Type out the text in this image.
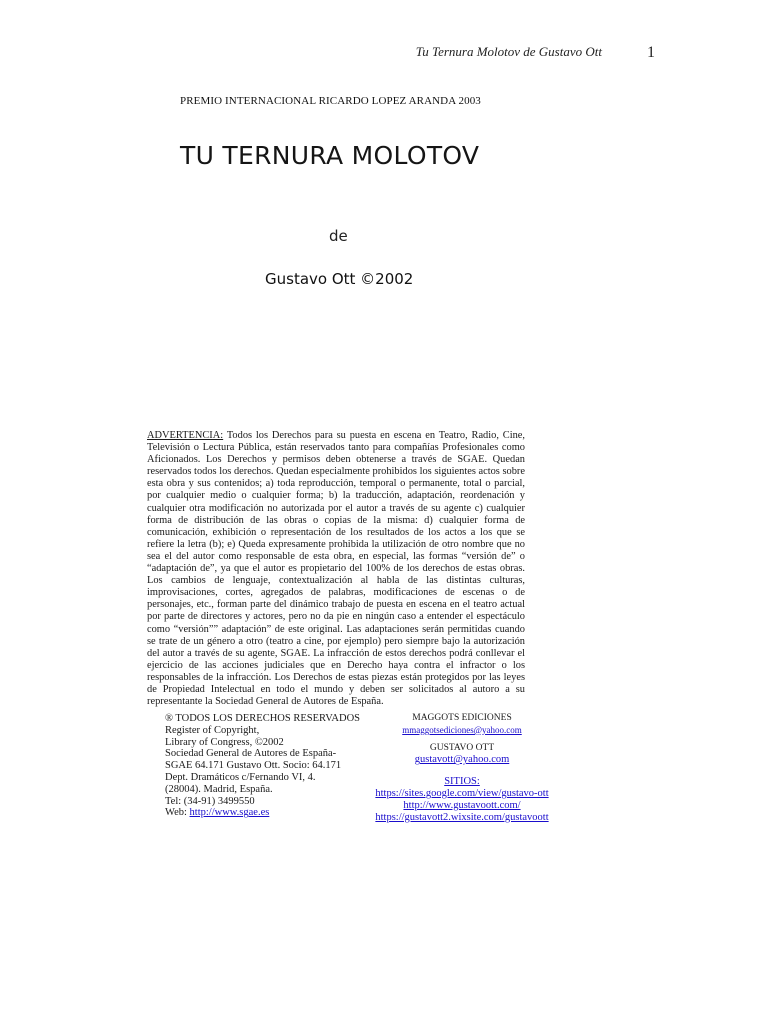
Tu Ternura Molotov de Gustavo Ott	1
PREMIO INTERNACIONAL RICARDO LOPEZ ARANDA 2003
TU TERNURA MOLOTOV
de
Gustavo Ott ©2002
ADVERTENCIA: Todos los Derechos para su puesta en escena en Teatro, Radio, Cine, Televisión o Lectura Pública, están reservados tanto para compañías Profesionales como Aficionados. Los Derechos y permisos deben obtenerse a través de SGAE. Quedan reservados todos los derechos. Quedan especialmente prohibidos los siguientes actos sobre esta obra y sus contenidos; a) toda reproducción, temporal o permanente, total o parcial, por cualquier medio o cualquier forma; b) la traducción, adaptación, reordenación y cualquier otra modificación no autorizada por el autor a través de su agente c) cualquier forma de distribución de las obras o copias de la misma: d) cualquier forma de comunicación, exhibición o representación de los resultados de los actos a los que se refiere la letra (b); e) Queda expresamente prohibida la utilización de otro nombre que no sea el del autor como responsable de esta obra, en especial, las formas “versión de” o “adaptación de”, ya que el autor es propietario del 100% de los derechos de estas obras. Los cambios de lenguaje, contextualización al habla de las distintas culturas, improvisaciones, cortes, agregados de palabras, modificaciones de escenas o de personajes, etc., forman parte del dinámico trabajo de puesta en escena en el teatro actual por parte de directores y actores, pero no da pie en ningún caso a entender el espectáculo como “versión”” adaptación” de este original. Las adaptaciones serán permitidas cuando se trate de un género a otro (teatro a cine, por ejemplo) pero siempre bajo la autorización del autor a través de su agente, SGAE. La infracción de estos derechos podrá conllevar el ejercicio de las acciones judiciales que en Derecho haya contra el infractor o los responsables de la infracción. Los Derechos de estas piezas están protegidos por las leyes de Propiedad Intelectual en todo el mundo y deben ser solicitados al autoro a su representante la Sociedad General de Autores de España.
® TODOS LOS DERECHOS RESERVADOS
Register of Copyright,
Library of Congress, ©2002
Sociedad General de Autores de España-
SGAE 64.171 Gustavo Ott. Socio: 64.171
Dept. Dramáticos c/Fernando VI, 4.
(28004). Madrid, España.
Tel: (34-91) 3499550
Web: http://www.sgae.es
MAGGOTS EDICIONES
mmaggotsediciones@yahoo.com
GUSTAVO OTT
gustavott@yahoo.com
SITIOS:
https://sites.google.com/view/gustavo-ott
http://www.gustavoott.com/
https://gustavott2.wixsite.com/gustavoott
